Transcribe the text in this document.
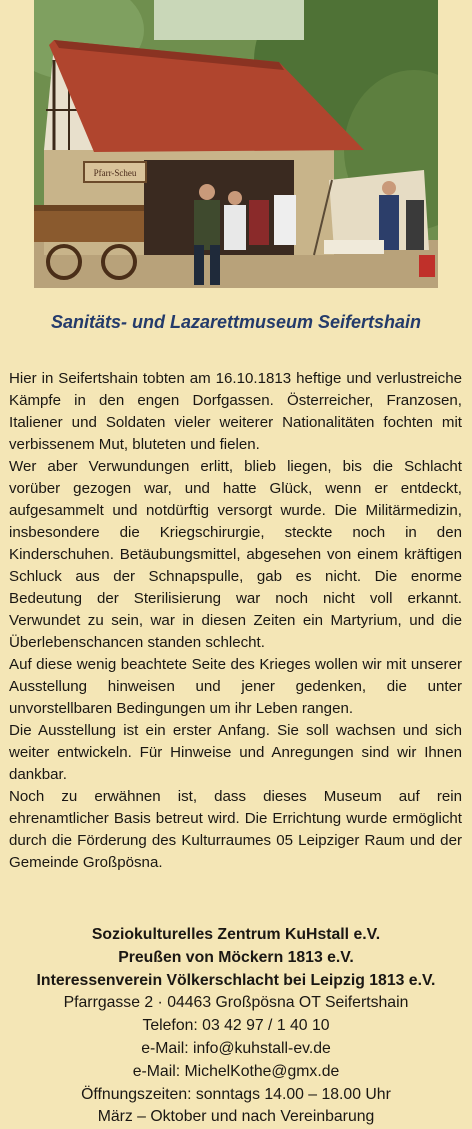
Pfarr-Scheu
Sanitäts- und Lazarettmuseum Seifertshain

Hier in Seifertshain tobten am 16.10.1813 heftige und verlustreiche Kämpfe in den engen Dorfgassen. Österreicher, Franzosen, Italiener und Soldaten vieler weiterer Nationalitäten fochten mit verbissenem Mut, bluteten und fielen.

Wer aber Verwundungen erlitt, blieb liegen, bis die Schlacht vorüber gezogen war, und hatte Glück, wenn er entdeckt, aufgesammelt und notdürftig versorgt wurde. Die Militärmedizin, insbesondere die Kriegschirurgie, steckte noch in den Kinderschuhen. Betäubungsmittel, abgesehen von einem kräftigen Schluck aus der Schnapspulle, gab es nicht. Die enorme Bedeutung der Sterilisierung war noch nicht voll erkannt. Verwundet zu sein, war in diesen Zeiten ein Martyrium, und die Überlebenschancen standen schlecht.

Auf diese wenig beachtete Seite des Krieges wollen wir mit unserer Ausstellung hinweisen und jener gedenken, die unter unvorstellbaren Bedingungen um ihr Leben rangen.

Die Ausstellung ist ein erster Anfang. Sie soll wachsen und sich weiter entwickeln. Für Hinweise und Anregungen sind wir Ihnen dankbar.

Noch zu erwähnen ist, dass dieses Museum auf rein ehrenamtlicher Basis betreut wird. Die Errichtung wurde ermöglicht durch die Förderung des Kulturraumes 05 Leipziger Raum und der Gemeinde Großpösna.

Soziokulturelles Zentrum KuHstall e.V.
Preußen von Möckern 1813 e.V.
Interessenverein Völkerschlacht bei Leipzig 1813 e.V.
Pfarrgasse 2 · 04463 Großpösna OT Seifertshain
Telefon: 03 42 97 / 1 40 10
e-Mail: info@kuhstall-ev.de
e-Mail: MichelKothe@gmx.de
Öffnungszeiten: sonntags 14.00 – 18.00 Uhr
März – Oktober und nach Vereinbarung
